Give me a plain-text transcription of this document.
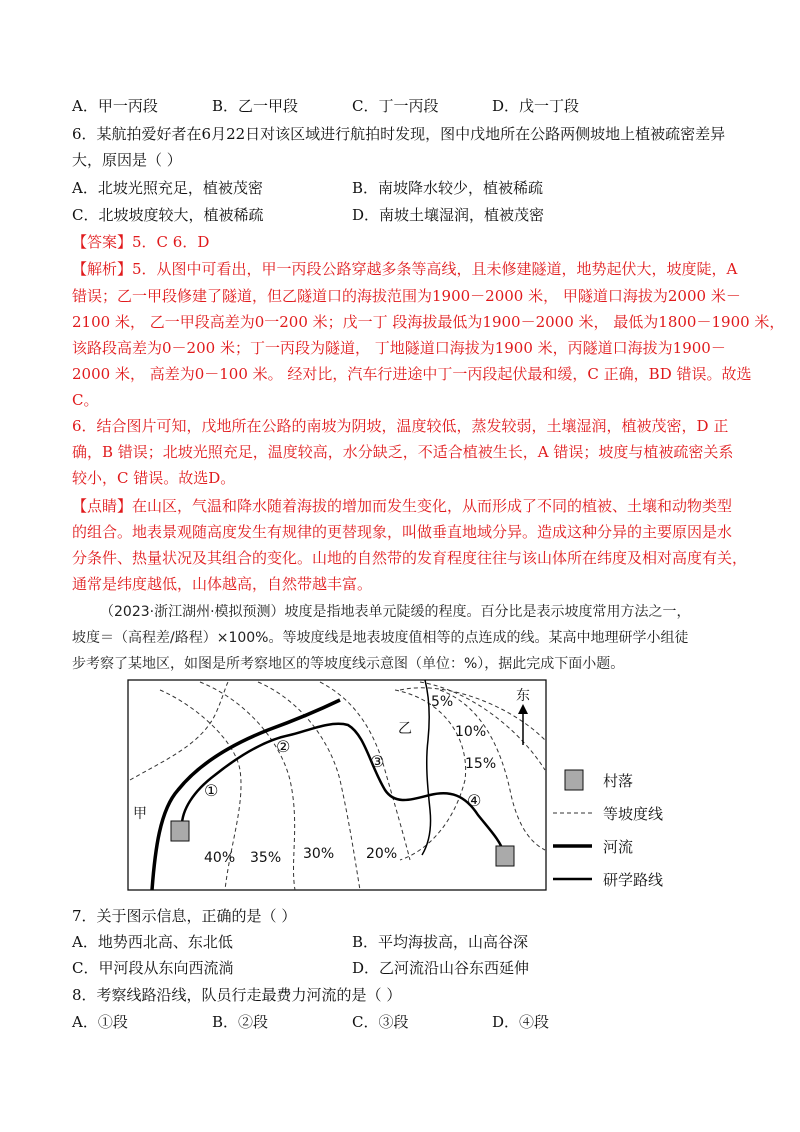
A．甲一丙段	B．乙一甲段	C．丁一丙段	D．戊一丁段
6．某航拍爱好者在6月22日对该区域进行航拍时发现，图中戊地所在公路两侧坡地上植被疏密差异
大，原因是（ ）
A．北坡光照充足，植被茂密	B．南坡降水较少，植被稀疏
C．北坡坡度较大，植被稀疏	D．南坡土壤湿润，植被茂密
【答案】5．C 6．D
【解析】5．从图中可看出，甲一丙段公路穿越多条等高线，且未修建隧道，地势起伏大，坡度陡，A
错误；乙一甲段修建了隧道，但乙隧道口的海拔范围为1900－2000 米， 甲隧道口海拔为2000 米－
2100 米， 乙一甲段高差为0一200 米；戊一丁 段海拔最低为1900－2000 米， 最低为1800－1900 米，
该路段高差为0－200 米；丁一丙段为隧道， 丁地隧道口海拔为1900 米，丙隧道口海拔为1900－
2000 米， 高差为0－100 米。 经对比，汽车行进途中丁一丙段起伏最和缓，C 正确，BD 错误。故选
C。
6．结合图片可知，戊地所在公路的南坡为阴坡，温度较低，蒸发较弱，土壤湿润，植被茂密，D 正
确，B 错误；北坡光照充足，温度较高，水分缺乏，不适合植被生长，A 错误；坡度与植被疏密关系
较小，C 错误。故选D。
【点睛】在山区，气温和降水随着海拔的增加而发生变化，从而形成了不同的植被、土壤和动物类型
的组合。地表景观随高度发生有规律的更替现象，叫做垂直地域分异。造成这种分异的主要原因是水
分条件、热量状况及其组合的变化。山地的自然带的发育程度往往与该山体所在纬度及相对高度有关，
通常是纬度越低，山体越高，自然带越丰富。
（2023·浙江湖州·模拟预测）坡度是指地表单元陡缓的程度。百分比是表示坡度常用方法之一，
坡度＝（高程差/路程）×100%。等坡度线是地表坡度值相等的点连成的线。某高中地理研学小组徒
步考察了某地区，如图是所考察地区的等坡度线示意图（单位：%），据此完成下面小题。
东
甲
乙
5%
10%
15%
20%
30%
35%
40%
①
②
③
④
村落
等坡度线
河流
研学路线
7．关于图示信息，正确的是（ ）
A．地势西北高、东北低	B．平均海拔高，山高谷深
C．甲河段从东向西流淌	D．乙河流沿山谷东西延伸
8．考察线路沿线，队员行走最费力河流的是（ ）
A．①段	B．②段	C．③段	D．④段
